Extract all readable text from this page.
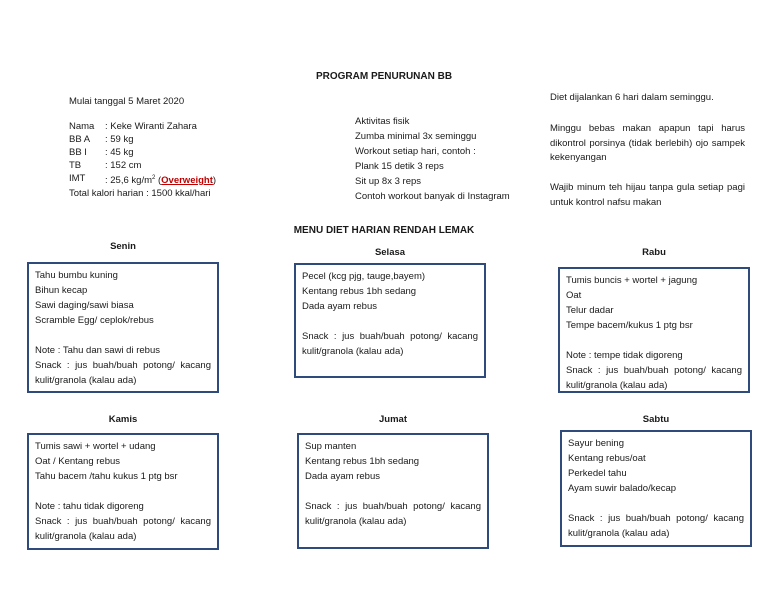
PROGRAM PENURUNAN BB
Mulai tanggal 5 Maret 2020
Nama	: Keke Wiranti Zahara
BB A	: 59 kg
BB I	: 45 kg
TB	: 152 cm
IMT	: 25,6 $kg/m^2$ (Overweight)
Total kalori harian : 1500 kkal/hari
Aktivitas fisik
Zumba minimal 3x seminggu
Workout setiap hari, contoh :
Plank 15 detik 3 reps
Sit up 8x 3 reps
Contoh workout banyak di Instagram
Diet dijalankan 6 hari dalam seminggu.
Minggu bebas makan apapun tapi harus dikontrol porsinya (tidak berlebih) ojo sampek kekenyangan
Wajib minum teh hijau tanpa gula setiap pagi untuk kontrol nafsu makan
MENU DIET HARIAN RENDAH LEMAK
Senin
Tahu bumbu kuning
Bihun kecap
Sawi daging/sawi biasa
Scramble Egg/ ceplok/rebus
Note : Tahu dan sawi di rebus
Snack : jus buah/buah potong/ kacang kulit/granola (kalau ada)
Selasa
Pecel (kcg pjg, tauge,bayem)
Kentang rebus 1bh sedang
Dada ayam rebus
Snack : jus buah/buah potong/ kacang kulit/granola (kalau ada)
Rabu
Tumis buncis + wortel + jagung
Oat
Telur dadar
Tempe bacem/kukus 1 ptg bsr
Note : tempe tidak digoreng
Snack : jus buah/buah potong/ kacang kulit/granola (kalau ada)
Kamis
Tumis sawi + wortel + udang
Oat / Kentang rebus
Tahu bacem /tahu kukus 1 ptg bsr
Note : tahu tidak digoreng
Snack : jus buah/buah potong/ kacang kulit/granola (kalau ada)
Jumat
Sup manten
Kentang rebus 1bh sedang
Dada ayam rebus
Snack : jus buah/buah potong/ kacang kulit/granola (kalau ada)
Sabtu
Sayur bening
Kentang rebus/oat
Perkedel tahu
Ayam suwir balado/kecap
Snack : jus buah/buah potong/ kacang kulit/granola (kalau ada)
